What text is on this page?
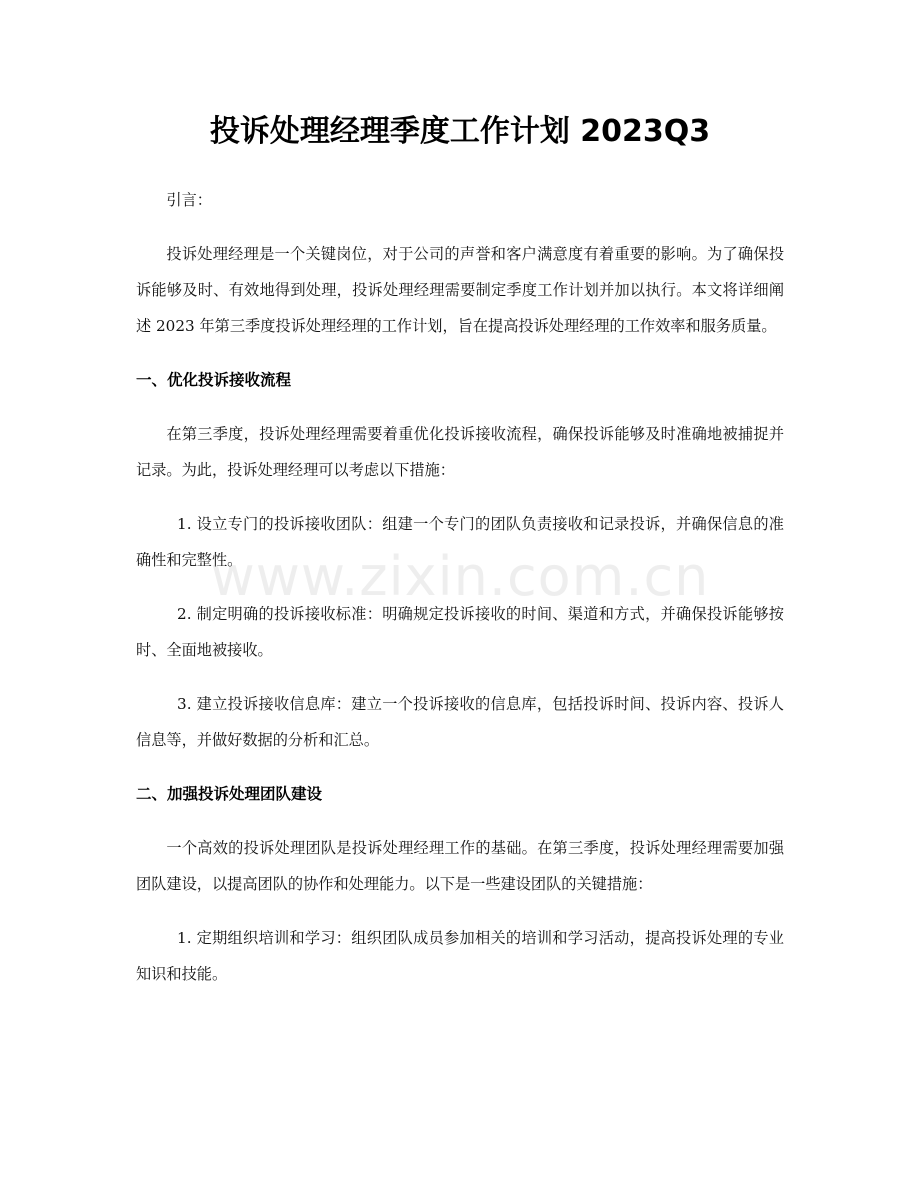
投诉处理经理季度工作计划 2023Q3

引言：

投诉处理经理是一个关键岗位，对于公司的声誉和客户满意度有着重要的影响。为了确保投诉能够及时、有效地得到处理，投诉处理经理需要制定季度工作计划并加以执行。本文将详细阐述 2023 年第三季度投诉处理经理的工作计划，旨在提高投诉处理经理的工作效率和服务质量。

一、优化投诉接收流程

在第三季度，投诉处理经理需要着重优化投诉接收流程，确保投诉能够及时准确地被捕捉并记录。为此，投诉处理经理可以考虑以下措施：

1. 设立专门的投诉接收团队：组建一个专门的团队负责接收和记录投诉，并确保信息的准确性和完整性。

2. 制定明确的投诉接收标准：明确规定投诉接收的时间、渠道和方式，并确保投诉能够按时、全面地被接收。

3. 建立投诉接收信息库：建立一个投诉接收的信息库，包括投诉时间、投诉内容、投诉人信息等，并做好数据的分析和汇总。

二、加强投诉处理团队建设

一个高效的投诉处理团队是投诉处理经理工作的基础。在第三季度，投诉处理经理需要加强团队建设，以提高团队的协作和处理能力。以下是一些建设团队的关键措施：

1. 定期组织培训和学习：组织团队成员参加相关的培训和学习活动，提高投诉处理的专业知识和技能。

www.zixin.com.cn
